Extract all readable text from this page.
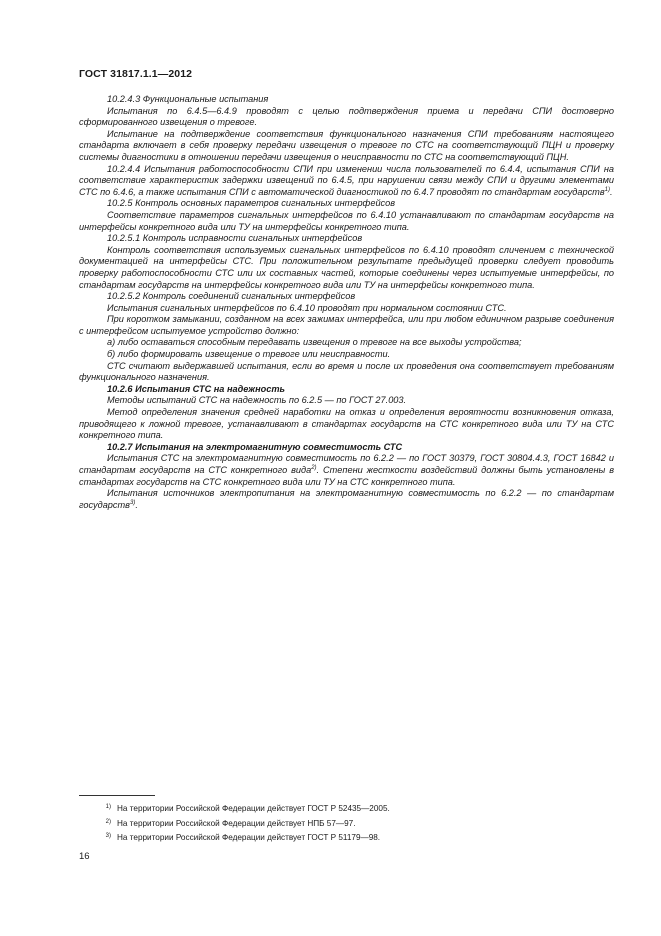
ГОСТ 31817.1.1—2012

10.2.4.3 Функциональные испытания

Испытания по 6.4.5—6.4.9 проводят с целью подтверждения приема и передачи СПИ достоверно сформированного извещения о тревоге.

Испытание на подтверждение соответствия функционального назначения СПИ требованиям настоящего стандарта включает в себя проверку передачи извещения о тревоге по СТС на соответствующий ПЦН и проверку системы диагностики в отношении передачи извещения о неисправности по СТС на соответствующий ПЦН.

10.2.4.4 Испытания работоспособности СПИ при изменении числа пользователей по 6.4.4, испытания СПИ на соответствие характеристик задержки извещений по 6.4.5, при нарушении связи между СПИ и другими элементами СТС по 6.4.6, а также испытания СПИ с автоматической диагностикой по 6.4.7 проводят по стандартам государств$^{1)}$.

10.2.5 Контроль основных параметров сигнальных интерфейсов

Соответствие параметров сигнальных интерфейсов по 6.4.10 устанавливают по стандартам государств на интерфейсы конкретного вида или ТУ на интерфейсы конкретного типа.

10.2.5.1 Контроль исправности сигнальных интерфейсов

Контроль соответствия используемых сигнальных интерфейсов по 6.4.10 проводят сличением с технической документацией на интерфейсы СТС. При положительном результате предыдущей проверки следует проводить проверку работоспособности СТС или их составных частей, которые соединены через испытуемые интерфейсы, по стандартам государств на интерфейсы конкретного вида или ТУ на интерфейсы конкретного типа.

10.2.5.2 Контроль соединений сигнальных интерфейсов

Испытания сигнальных интерфейсов по 6.4.10 проводят при нормальном состоянии СТС.

При коротком замыкании, созданном на всех зажимах интерфейса, или при любом единичном разрыве соединения с интерфейсом испытуемое устройство должно:

а) либо оставаться способным передавать извещения о тревоге на все выходы устройства;

б) либо формировать извещение о тревоге или неисправности.

СТС считают выдержавшей испытания, если во время и после их проведения она соответствует требованиям функционального назначения.

10.2.6 Испытания СТС на надежность

Методы испытаний СТС на надежность по 6.2.5 — по ГОСТ 27.003.

Метод определения значения средней наработки на отказ и определения вероятности возникновения отказа, приводящего к ложной тревоге, устанавливают в стандартах государств на СТС конкретного вида или ТУ на СТС конкретного типа.

10.2.7 Испытания на электромагнитную совместимость СТС

Испытания СТС на электромагнитную совместимость по 6.2.2 — по ГОСТ 30379, ГОСТ 30804.4.3, ГОСТ 16842 и стандартам государств на СТС конкретного вида$^{2)}$. Степени жесткости воздействий должны быть установлены в стандартах государств на СТС конкретного вида или ТУ на СТС конкретного типа.

Испытания источников электропитания на электромагнитную совместимость по 6.2.2 — по стандартам государств$^{3)}$.

1) На территории Российской Федерации действует ГОСТ Р 52435—2005.
2) На территории Российской Федерации действует НПБ 57—97.
3) На территории Российской Федерации действует ГОСТ Р 51179—98.
16
